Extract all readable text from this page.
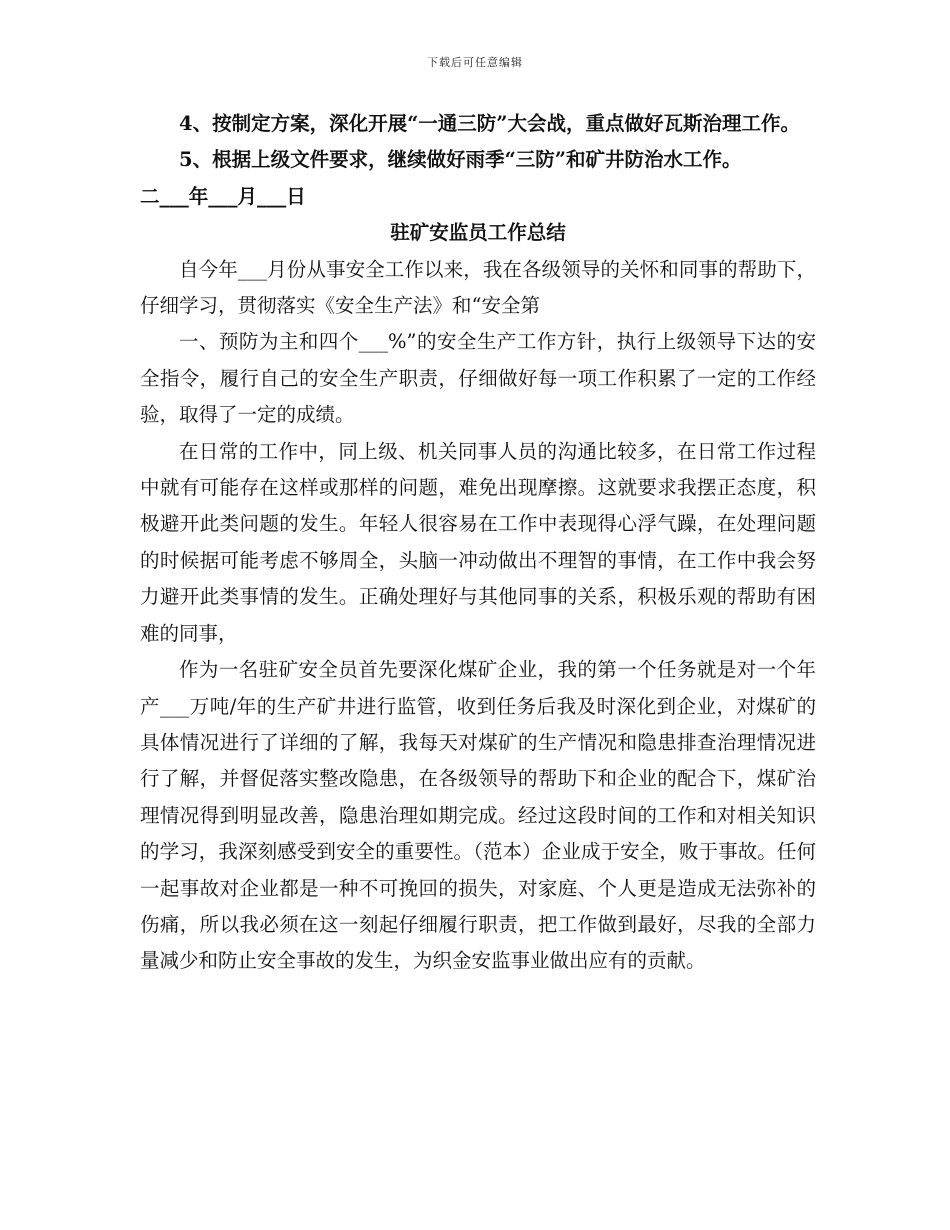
下载后可任意编辑

4、按制定方案，深化开展“一通三防”大会战，重点做好瓦斯治理工作。

5、根据上级文件要求，继续做好雨季“三防”和矿井防治水工作。

二___年___月___日

驻矿安监员工作总结

自今年___月份从事安全工作以来，我在各级领导的关怀和同事的帮助下，仔细学习，贯彻落实《安全生产法》和“安全第

一、预防为主和四个___%”的安全生产工作方针，执行上级领导下达的安全指令，履行自己的安全生产职责，仔细做好每一项工作积累了一定的工作经验，取得了一定的成绩。

在日常的工作中，同上级、机关同事人员的沟通比较多，在日常工作过程中就有可能存在这样或那样的问题，难免出现摩擦。这就要求我摆正态度，积极避开此类问题的发生。年轻人很容易在工作中表现得心浮气躁，在处理问题的时候据可能考虑不够周全，头脑一冲动做出不理智的事情，在工作中我会努力避开此类事情的发生。正确处理好与其他同事的关系，积极乐观的帮助有困难的同事，

作为一名驻矿安全员首先要深化煤矿企业，我的第一个任务就是对一个年产___万吨/年的生产矿井进行监管，收到任务后我及时深化到企业，对煤矿的具体情况进行了详细的了解，我每天对煤矿的生产情况和隐患排查治理情况进行了解，并督促落实整改隐患，在各级领导的帮助下和企业的配合下，煤矿治理情况得到明显改善，隐患治理如期完成。经过这段时间的工作和对相关知识的学习，我深刻感受到安全的重要性。（范本）企业成于安全，败于事故。任何一起事故对企业都是一种不可挽回的损失，对家庭、个人更是造成无法弥补的伤痛，所以我必须在这一刻起仔细履行职责，把工作做到最好，尽我的全部力量减少和防止安全事故的发生，为织金安监事业做出应有的贡献。
